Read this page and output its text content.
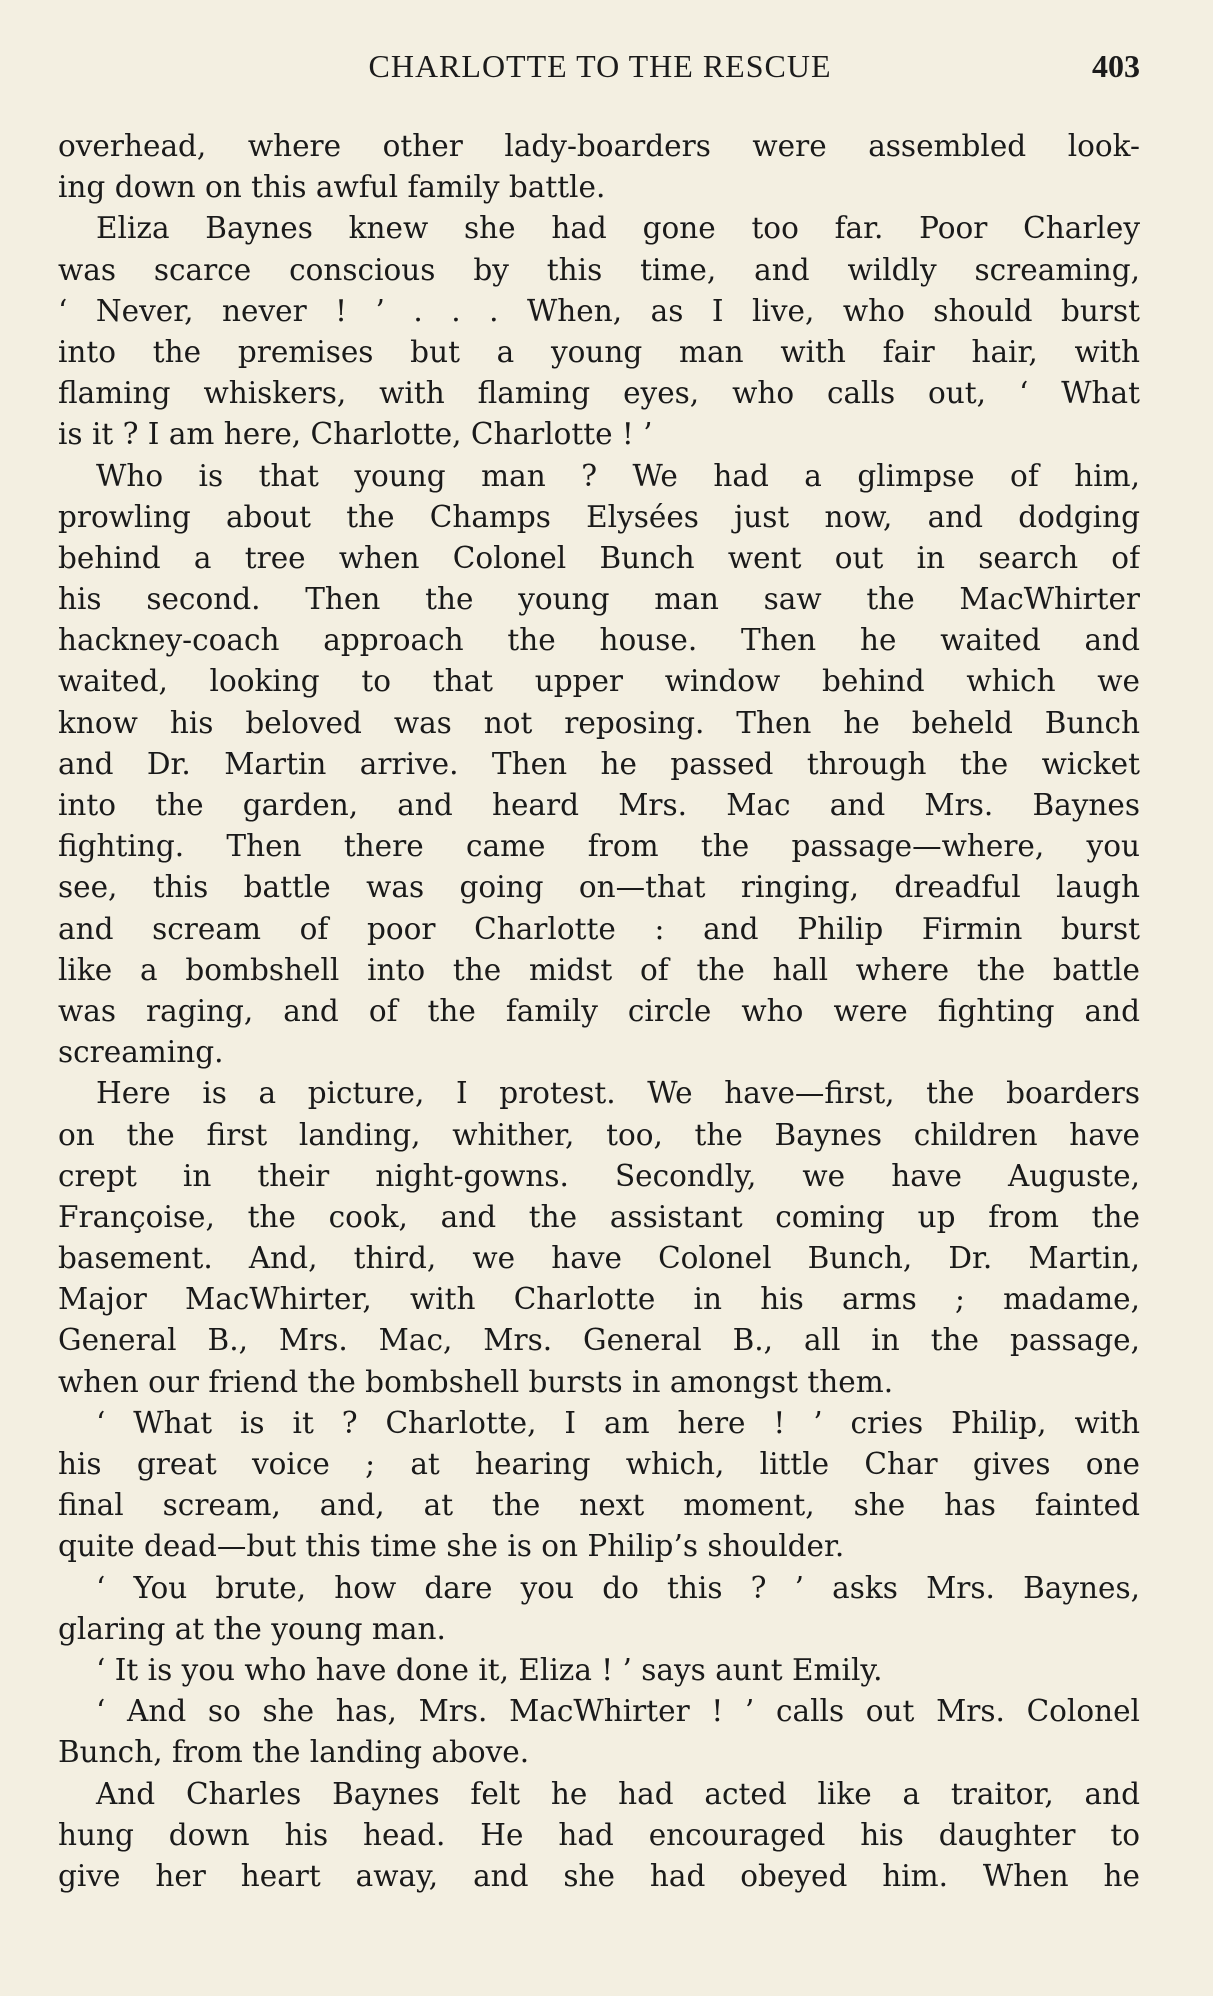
CHARLOTTE TO THE RESCUE	403
overhead, where other lady-boarders were assembled look-
ing down on this awful family battle.
Eliza Baynes knew she had gone too far. Poor Charley
was scarce conscious by this time, and wildly screaming,
‘ Never, never ! ’ . . . When, as I live, who should burst
into the premises but a young man with fair hair, with
flaming whiskers, with flaming eyes, who calls out, ‘ What
is it ? I am here, Charlotte, Charlotte ! ’
Who is that young man ? We had a glimpse of him,
prowling about the Champs Elysées just now, and dodging
behind a tree when Colonel Bunch went out in search of
his second. Then the young man saw the MacWhirter
hackney-coach approach the house. Then he waited and
waited, looking to that upper window behind which we
know his beloved was not reposing. Then he beheld Bunch
and Dr. Martin arrive. Then he passed through the wicket
into the garden, and heard Mrs. Mac and Mrs. Baynes
fighting. Then there came from the passage—where, you
see, this battle was going on—that ringing, dreadful laugh
and scream of poor Charlotte : and Philip Firmin burst
like a bombshell into the midst of the hall where the battle
was raging, and of the family circle who were fighting and
screaming.
Here is a picture, I protest. We have—first, the boarders
on the first landing, whither, too, the Baynes children have
crept in their night-gowns. Secondly, we have Auguste,
Françoise, the cook, and the assistant coming up from the
basement. And, third, we have Colonel Bunch, Dr. Martin,
Major MacWhirter, with Charlotte in his arms ; madame,
General B., Mrs. Mac, Mrs. General B., all in the passage,
when our friend the bombshell bursts in amongst them.
‘ What is it ? Charlotte, I am here ! ’ cries Philip, with
his great voice ; at hearing which, little Char gives one
final scream, and, at the next moment, she has fainted
quite dead—but this time she is on Philip’s shoulder.
‘ You brute, how dare you do this ? ’ asks Mrs. Baynes,
glaring at the young man.
‘ It is you who have done it, Eliza ! ’ says aunt Emily.
‘ And so she has, Mrs. MacWhirter ! ’ calls out Mrs. Colonel
Bunch, from the landing above.
And Charles Baynes felt he had acted like a traitor, and
hung down his head. He had encouraged his daughter to
give her heart away, and she had obeyed him. When he
